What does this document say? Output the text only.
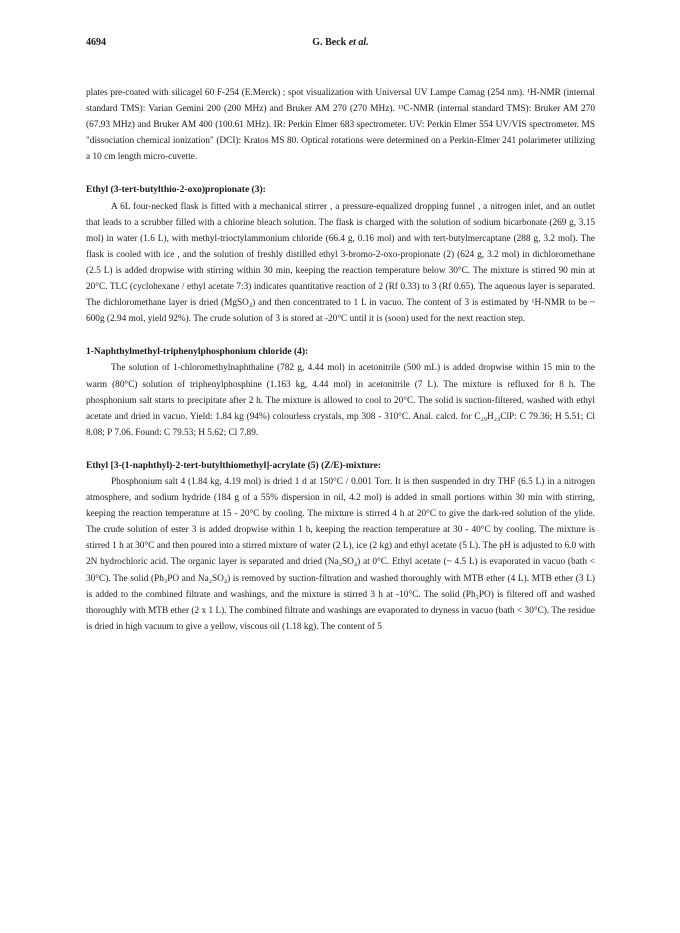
4694	G. Beck et al.

plates pre-coated with silicagel 60 F-254 (E.Merck) ; spot visualization with Universal UV Lampe Camag (254 nm). ¹H-NMR (internal standard TMS): Varian Gemini 200 (200 MHz) and Bruker AM 270 (270 MHz). ¹³C-NMR (internal standard TMS): Bruker AM 270 (67.93 MHz) and Bruker AM 400 (100.61 MHz). IR: Perkin Elmer 683 spectrometer. UV: Perkin Elmer 554 UV/VIS spectrometer. MS "dissociation chemical ionization" (DCI): Kratos MS 80. Optical rotations were determined on a Perkin-Elmer 241 polarimeter utilizing a 10 cm length micro-cuvette.

Ethyl (3-tert-butylthio-2-oxo)propionate (3):

A 6L four-necked flask is fitted with a mechanical stirrer , a pressure-equalized dropping funnel , a nitrogen inlet, and an outlet that leads to a scrubber filled with a chlorine bleach solution. The flask is charged with the solution of sodium bicarbonate (269 g, 3.15 mol) in water (1.6 L), with methyl-trioctylammonium chloride (66.4 g, 0.16 mol) and with tert-butylmercaptane (288 g, 3.2 mol). The flask is cooled with ice , and the solution of freshly distilled ethyl 3-bromo-2-oxo-propionate (2) (624 g, 3.2 mol) in dichloromethane (2.5 L) is added dropwise with stirring within 30 min, keeping the reaction temperature below 30°C. The mixture is stirred 90 min at 20°C. TLC (cyclohexane / ethyl acetate 7:3) indicates quantitative reaction of 2 (Rf 0.33) to 3 (Rf 0.65). The aqueous layer is separated. The dichloromethane layer is dried (MgSO₄) and then concentrated to 1 L in vacuo. The content of 3 is estimated by ¹H-NMR to be ~ 600g (2.94 mol, yield 92%). The crude solution of 3 is stored at -20°C until it is (soon) used for the next reaction step.

1-Naphthylmethyl-triphenylphosphonium chloride (4):

The solution of 1-chloromethylnaphthaline (782 g, 4.44 mol) in acetonitrile (500 mL) is added dropwise within 15 min to the warm (80°C) solution of triphenylphosphine (1.163 kg, 4.44 mol) in acetonitrile (7 L). The mixture is refluxed for 8 h. The phosphonium salt starts to precipitate after 2 h. The mixture is allowed to cool to 20°C. The solid is suction-filtered, washed with ethyl acetate and dried in vacuo. Yield: 1.84 kg (94%) colourless crystals, mp 308 - 310°C. Anal. calcd. for C₂₉H₂₄ClP: C 79.36; H 5.51; Cl 8.08; P 7.06. Found: C 79.53; H 5.62; Cl 7.89.

Ethyl [3-(1-naphthyl)-2-tert-butylthiomethyl]-acrylate (5) (Z/E)-mixture:

Phosphonium salt 4 (1.84 kg, 4.19 mol) is dried 1 d at 150°C / 0.001 Torr. It is then suspended in dry THF (6.5 L) in a nitrogen atmosphere, and sodium hydride (184 g of a 55% dispersion in oil, 4.2 mol) is added in small portions within 30 min with stirring, keeping the reaction temperature at 15 - 20°C by cooling. The mixture is stirred 4 h at 20°C to give the dark-red solution of the ylide. The crude solution of ester 3 is added dropwise within 1 h, keeping the reaction temperature at 30 - 40°C by cooling. The mixture is stirred 1 h at 30°C and then poured into a stirred mixture of water (2 L), ice (2 kg) and ethyl acetate (5 L). The pH is adjusted to 6.0 with 2N hydrochloric acid. The organic layer is separated and dried (Na₂SO₄) at 0°C. Ethyl acetate (~ 4.5 L) is evaporated in vacuo (bath < 30°C). The solid (Ph₃PO and Na₂SO₄) is removed by suction-filtration and washed thoroughly with MTB ether (4 L). MTB ether (3 L) is added to the combined filtrate and washings, and the mixture is stirred 3 h at -10°C. The solid (Ph₃PO) is filtered off and washed thoroughly with MTB ether (2 x 1 L). The combined filtrate and washings are evaporated to dryness in vacuo (bath < 30°C). The residue is dried in high vacuum to give a yellow, viscous oil (1.18 kg). The content of 5
